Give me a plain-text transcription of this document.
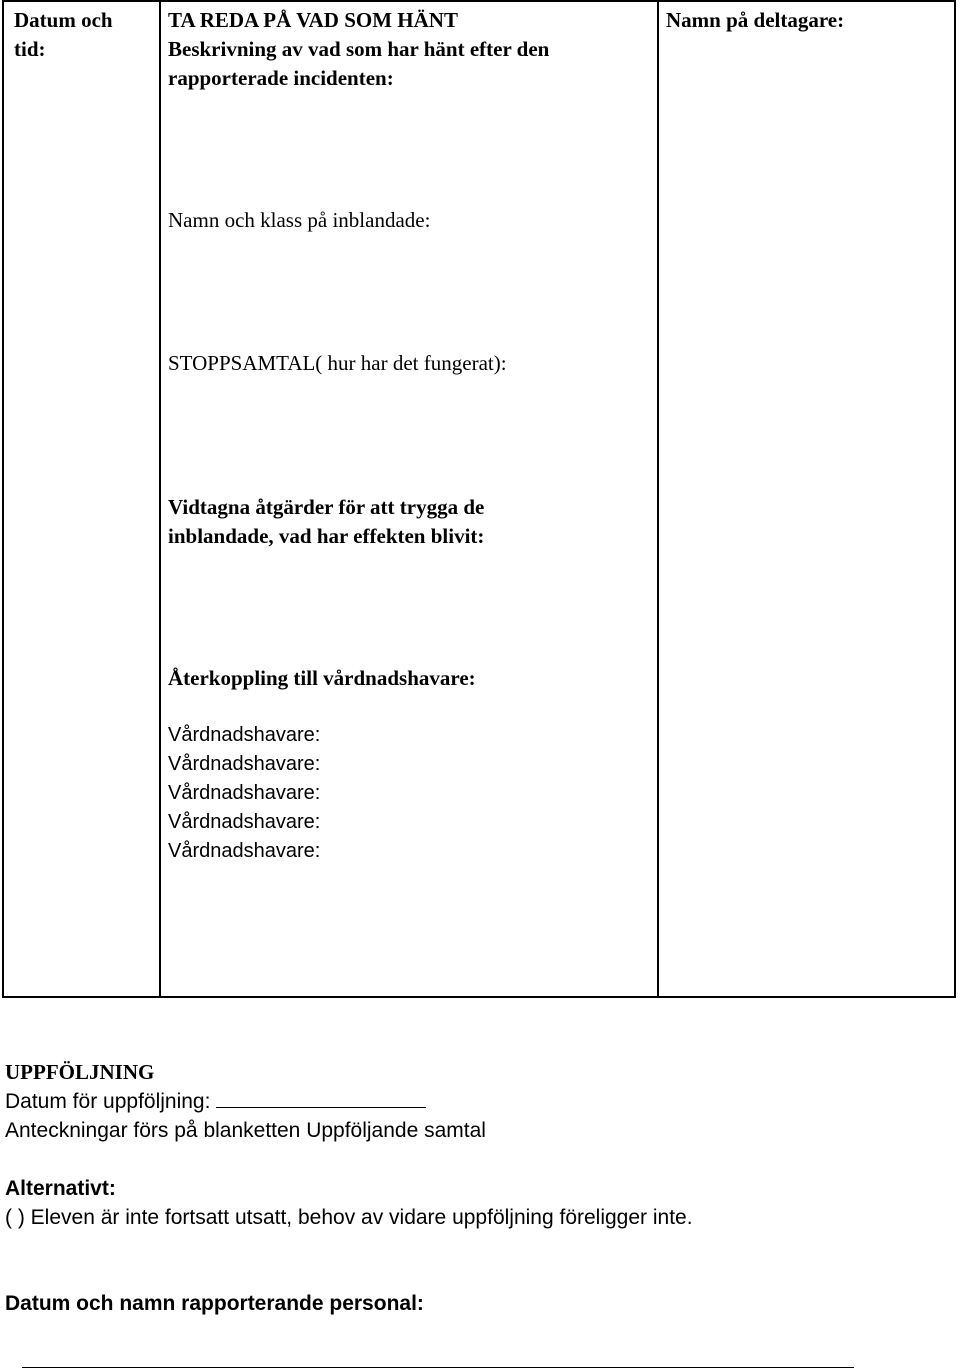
Datum och
tid:
TA REDA PÅ VAD SOM HÄNT
Beskrivning av vad som har hänt efter den
rapporterade incidenten:
Namn på deltagare:
Namn och klass på inblandade:
STOPPSAMTAL( hur har det fungerat):
Vidtagna åtgärder för att trygga de
inblandade, vad har effekten blivit:
Återkoppling till vårdnadshavare:
Vårdnadshavare:
Vårdnadshavare:
Vårdnadshavare:
Vårdnadshavare:
Vårdnadshavare:
UPPFÖLJNING
Datum för uppföljning:
Anteckningar förs på blanketten Uppföljande samtal
Alternativt:
( ) Eleven är inte fortsatt utsatt, behov av vidare uppföljning föreligger inte.
Datum och namn rapporterande personal:
